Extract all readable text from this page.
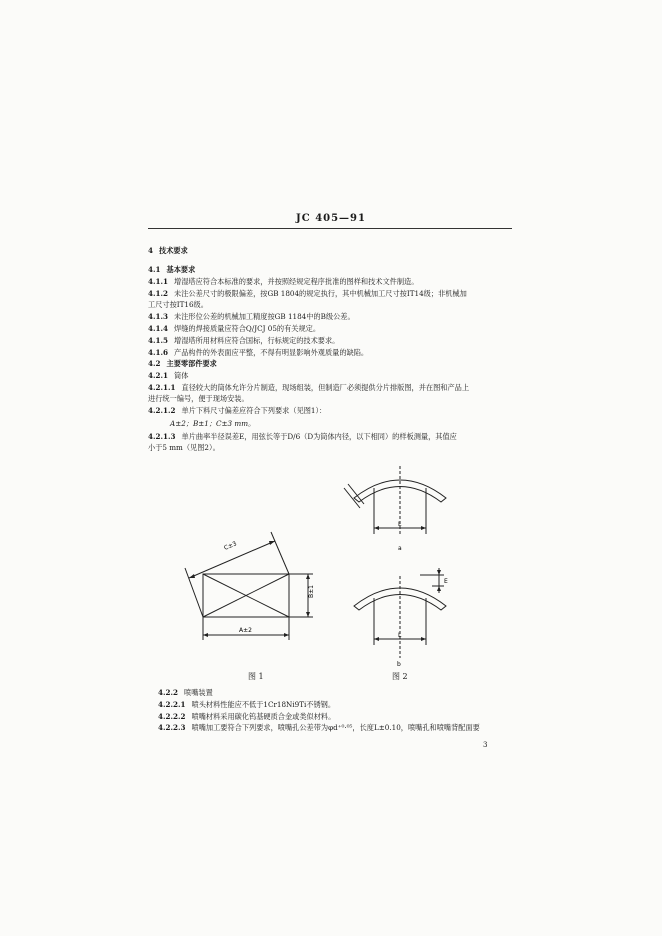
JC 405—91
4 技术要求
4.1 基本要求
4.1.1 增湿塔应符合本标准的要求，并按照经规定程序批准的图样和技术文件制造。
4.1.2 未注公差尺寸的极限偏差，按GB 1804的规定执行，其中机械加工尺寸按IT14级；非机械加
工尺寸按IT16级。
4.1.3 未注形位公差的机械加工精度按GB 1184中的B级公差。
4.1.4 焊缝的焊接质量应符合Q/JCJ 05的有关规定。
4.1.5 增湿塔所用材料应符合国标，行标规定的技术要求。
4.1.6 产品构件的外表面应平整，不得有明显影响外观质量的缺陷。
4.2 主要零部件要求
4.2.1 筒体
4.2.1.1 直径较大的筒体允许分片制造，现场组装，但制造厂必须提供分片排版图，并在图和产品上
进行统一编号，便于现场安装。
4.2.1.2 单片下料尺寸偏差应符合下列要求（见图1）：
A±2；B±1；C±3 mm。
4.2.1.3 单片曲率半径误差E，用弦长等于D/6（D为筒体内径，以下相同）的样板测量，其值应
小于5 mm（见图2）。
C±3
B±1
A±2
L
a
L
E
b
图 1	图 2
4.2.2 喷嘴装置
4.2.2.1 喷头材料性能应不低于1Cr18Ni9Ti不锈钢。
4.2.2.2 喷嘴材料采用碳化钨基硬质合金或类似材料。
4.2.2.3 喷嘴加工要符合下列要求，喷嘴孔公差带为φd⁺⁰·⁰⁵，长度L±0.10，喷嘴孔和喷嘴背配面要
3
